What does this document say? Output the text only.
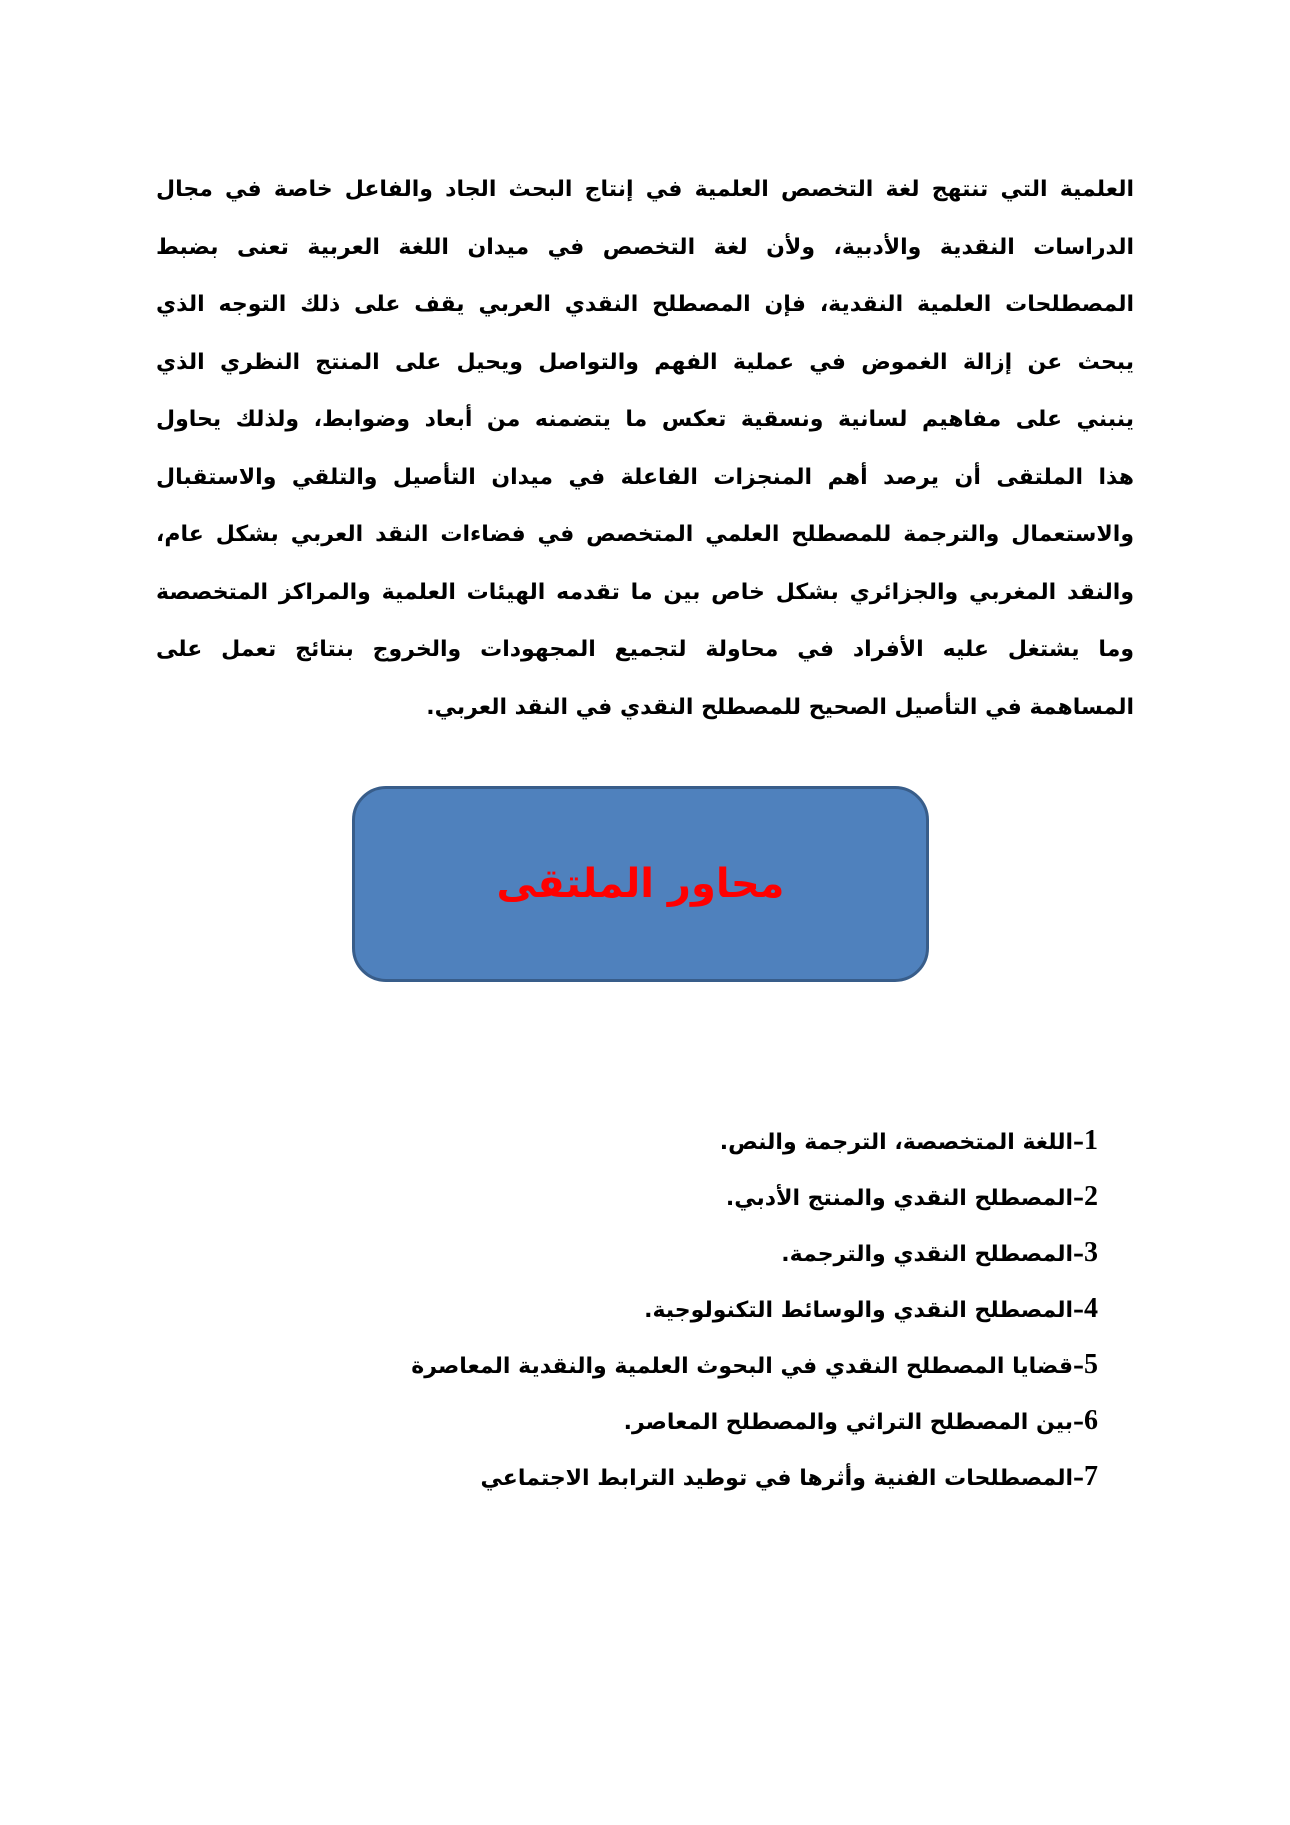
العلمية التي تنتهج لغة التخصص العلمية في إنتاج البحث الجاد والفاعل خاصة في مجال
الدراسات النقدية والأدبية، ولأن لغة التخصص في ميدان اللغة العربية تعنى بضبط
المصطلحات العلمية النقدية، فإن المصطلح النقدي العربي يقف على ذلك التوجه الذي
يبحث عن إزالة الغموض في عملية الفهم والتواصل ويحيل على المنتج النظري الذي
ينبني على مفاهيم لسانية ونسقية تعكس ما يتضمنه من أبعاد وضوابط، ولذلك يحاول
هذا الملتقى أن يرصد أهم المنجزات الفاعلة في ميدان التأصيل والتلقي والاستقبال
والاستعمال والترجمة للمصطلح العلمي المتخصص في فضاءات النقد العربي بشكل عام،
والنقد المغربي والجزائري بشكل خاص بين ما تقدمه الهيئات العلمية والمراكز المتخصصة
وما يشتغل عليه الأفراد في محاولة لتجميع المجهودات والخروج بنتائج تعمل على
المساهمة في التأصيل الصحيح للمصطلح النقدي في النقد العربي.

محاور الملتقى
1–اللغة المتخصصة، الترجمة والنص.
2–المصطلح النقدي والمنتج الأدبي.
3–المصطلح النقدي والترجمة.
4–المصطلح النقدي والوسائط التكنولوجية.
5–قضايا المصطلح النقدي في البحوث العلمية والنقدية المعاصرة
6–بين المصطلح التراثي والمصطلح المعاصر.
7–المصطلحات الفنية وأثرها في توطيد الترابط الاجتماعي
